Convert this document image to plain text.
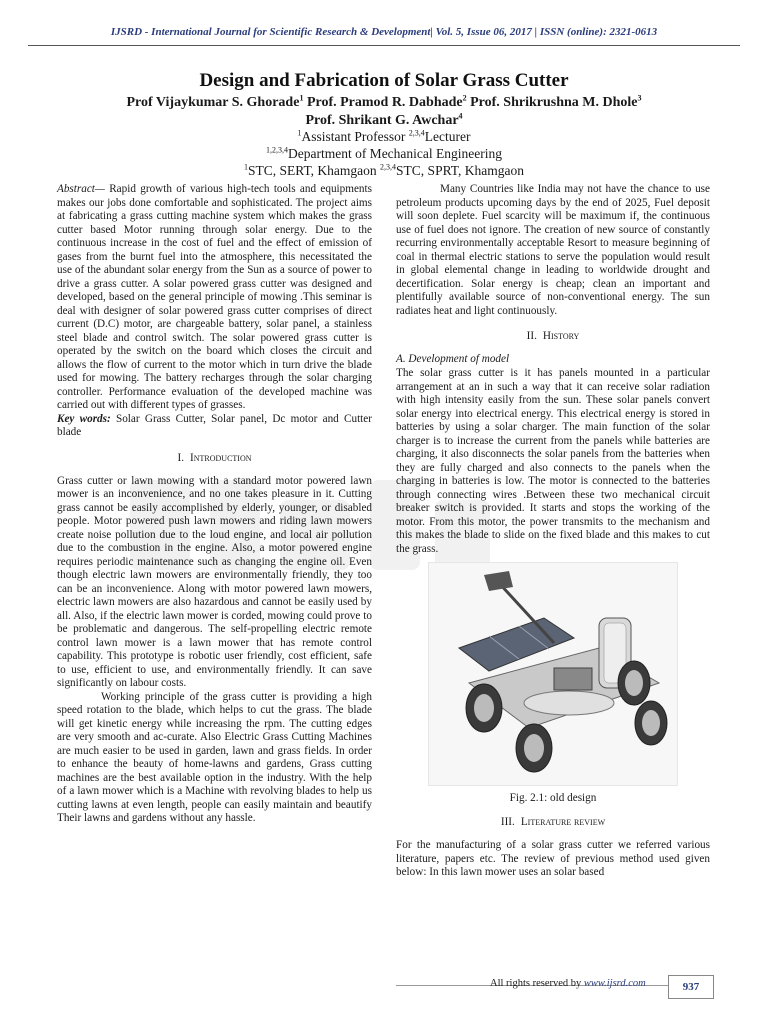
IJSRD - International Journal for Scientific Research & Development| Vol. 5, Issue 06, 2017 | ISSN (online): 2321-0613
Design and Fabrication of Solar Grass Cutter
Prof Vijaykumar S. Ghorade$^1$ Prof. Pramod R. Dabhade$^2$ Prof. Shrikrushna M. Dhole$^3$
Prof. Shrikant G. Awchar$^4$
$^1$Assistant Professor $^{2,3,4}$Lecturer
$^{1,2,3,4}$Department of Mechanical Engineering
$^1$STC, SERT, Khamgaon $^{2,3,4}$STC, SPRT, Khamgaon

Abstract— Rapid growth of various high-tech tools and equipments makes our jobs done comfortable and sophisticated. The project aims at fabricating a grass cutting machine system which makes the grass cutter based Motor running through solar energy. Due to the continuous increase in the cost of fuel and the effect of emission of gases from the burnt fuel into the atmosphere, this necessitated the use of the abundant solar energy from the Sun as a source of power to drive a grass cutter. A solar powered grass cutter was designed and developed, based on the general principle of mowing .This seminar is deal with designer of solar powered grass cutter comprises of direct current (D.C) motor, are chargeable battery, solar panel, a stainless steel blade and control switch. The solar powered grass cutter is operated by the switch on the board which closes the circuit and allows the flow of current to the motor which in turn drive the blade used for mowing. The battery recharges through the solar charging controller. Performance evaluation of the developed machine was carried out with different types of grasses.

Key words: Solar Grass Cutter, Solar panel, Dc motor and Cutter blade

I. Introduction

Grass cutter or lawn mowing with a standard motor powered lawn mower is an inconvenience, and no one takes pleasure in it. Cutting grass cannot be easily accomplished by elderly, younger, or disabled people. Motor powered push lawn mowers and riding lawn mowers create noise pollution due to the loud engine, and local air pollution due to the combustion in the engine. Also, a motor powered engine requires periodic maintenance such as changing the engine oil. Even though electric lawn mowers are environmentally friendly, they too can be an inconvenience. Along with motor powered lawn mowers, electric lawn mowers are also hazardous and cannot be easily used by all. Also, if the electric lawn mower is corded, mowing could prove to be problematic and dangerous. The self-propelling electric remote control lawn mower is a lawn mower that has remote control capability. This prototype is robotic user friendly, cost efficient, safe to use, efficient to use, and environmentally friendly. It can save significantly on labour costs.

Working principle of the grass cutter is providing a high speed rotation to the blade, which helps to cut the grass. The blade will get kinetic energy while increasing the rpm. The cutting edges are very smooth and ac-curate. Also Electric Grass Cutting Machines are much easier to be used in garden, lawn and grass fields. In order to enhance the beauty of home-lawns and gardens, Grass cutting machines are the best available option in the industry. With the help of a lawn mower which is a Machine with revolving blades to help us cutting lawns at even length, people can easily maintain and beautify Their lawns and gardens without any hassle.

Many Countries like India may not have the chance to use petroleum products upcoming days by the end of 2025, Fuel deposit will soon deplete. Fuel scarcity will be maximum if, the continuous use of fuel does not ignore. The creation of new source of constantly recurring environmentally acceptable Resort to measure beginning of coal in thermal electric stations to serve the population would result in global elemental change in leading to worldwide drought and decertification. Solar energy is cheap; clean an important and plentifully available source of non-conventional energy. The sun radiates heat and light continuously.

II. History
A. Development of model

The solar grass cutter is it has panels mounted in a particular arrangement at an in such a way that it can receive solar radiation with high intensity easily from the sun. These solar panels convert solar energy into electrical energy. This electrical energy is stored in batteries by using a solar charger. The main function of the solar charger is to increase the current from the panels while batteries are charging, it also disconnects the solar panels from the batteries when they are fully charged and also connects to the panels when the charging in batteries is low. The motor is connected to the batteries through connecting wires .Between these two mechanical circuit breaker switch is provided. It starts and stops the working of the motor. From this motor, the power transmits to the mechanism and this makes the blade to slide on the fixed blade and this makes to cut the grass.

Fig. 2.1: old design
III. Literature review

For the manufacturing of a solar grass cutter we referred various literature, papers etc. The review of previous method used given below: In this lawn mower uses an solar based

All rights reserved by www.ijsrd.com	937
